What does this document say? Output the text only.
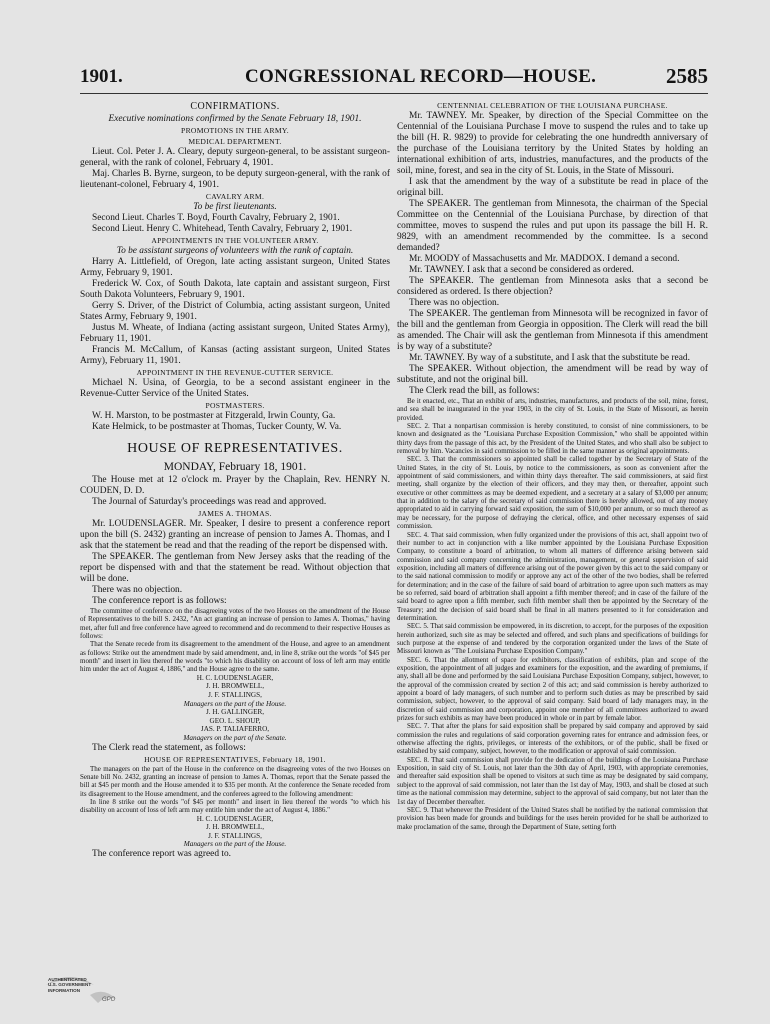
1901.	CONGRESSIONAL RECORD—HOUSE.	2585

CONFIRMATIONS.

Executive nominations confirmed by the Senate February 18, 1901.

PROMOTIONS IN THE ARMY.

MEDICAL DEPARTMENT.

Lieut. Col. Peter J. A. Cleary, deputy surgeon-general, to be assistant surgeon-general, with the rank of colonel, February 4, 1901.

Maj. Charles B. Byrne, surgeon, to be deputy surgeon-general, with the rank of lieutenant-colonel, February 4, 1901.

CAVALRY ARM.

To be first lieutenants.

Second Lieut. Charles T. Boyd, Fourth Cavalry, February 2, 1901.

Second Lieut. Henry C. Whitehead, Tenth Cavalry, February 2, 1901.

APPOINTMENTS IN THE VOLUNTEER ARMY.

To be assistant surgeons of volunteers with the rank of captain.

Harry A. Littlefield, of Oregon, late acting assistant surgeon, United States Army, February 9, 1901.

Frederick W. Cox, of South Dakota, late captain and assistant surgeon, First South Dakota Volunteers, February 9, 1901.

Gerry S. Driver, of the District of Columbia, acting assistant surgeon, United States Army, February 9, 1901.

Justus M. Wheate, of Indiana (acting assistant surgeon, United States Army), February 11, 1901.

Francis M. McCallum, of Kansas (acting assistant surgeon, United States Army), February 11, 1901.

APPOINTMENT IN THE REVENUE-CUTTER SERVICE.

Michael N. Usina, of Georgia, to be a second assistant engineer in the Revenue-Cutter Service of the United States.

POSTMASTERS.

W. H. Marston, to be postmaster at Fitzgerald, Irwin County, Ga.

Kate Helmick, to be postmaster at Thomas, Tucker County, W. Va.

HOUSE OF REPRESENTATIVES.

MONDAY, February 18, 1901.

The House met at 12 o'clock m. Prayer by the Chaplain, Rev. HENRY N. COUDEN, D. D.

The Journal of Saturday's proceedings was read and approved.

JAMES A. THOMAS.

Mr. LOUDENSLAGER. Mr. Speaker, I desire to present a conference report upon the bill (S. 2432) granting an increase of pension to James A. Thomas, and I ask that the statement be read and that the reading of the report be dispensed with.

The SPEAKER. The gentleman from New Jersey asks that the reading of the report be dispensed with and that the statement be read. Without objection that will be done.

There was no objection.

The conference report is as follows:

The committee of conference on the disagreeing votes of the two Houses on the amendment of the House of Representatives to the bill S. 2432, "An act granting an increase of pension to James A. Thomas," having met, after full and free conference have agreed to recommend and do recommend to their respective Houses as follows:

That the Senate recede from its disagreement to the amendment of the House, and agree to an amendment as follows: Strike out the amendment made by said amendment, and, in line 8, strike out the words "of $45 per month" and insert in lieu thereof the words "to which his disability on account of loss of left arm may entitle him under the act of August 4, 1886," and the House agree to the same.

H. C. LOUDENSLAGER,

J. H. BROMWELL,

J. F. STALLINGS,

Managers on the part of the House.

J. H. GALLINGER,

GEO. L. SHOUP,

JAS. P. TALIAFERRO,

Managers on the part of the Senate.

The Clerk read the statement, as follows:

HOUSE OF REPRESENTATIVES, February 18, 1901.

The managers on the part of the House in the conference on the disagreeing votes of the two Houses on Senate bill No. 2432, granting an increase of pension to James A. Thomas, report that the Senate passed the bill at $45 per month and the House amended it to $35 per month. At the conference the Senate receded from its disagreement to the House amendment, and the conferees agreed to the following amendment:

In line 8 strike out the words "of $45 per month" and insert in lieu thereof the words "to which his disability on account of loss of left arm may entitle him under the act of August 4, 1886."

H. C. LOUDENSLAGER,

J. H. BROMWELL,

J. F. STALLINGS,

Managers on the part of the House.

The conference report was agreed to.

CENTENNIAL CELEBRATION OF THE LOUISIANA PURCHASE.

Mr. TAWNEY. Mr. Speaker, by direction of the Special Committee on the Centennial of the Louisiana Purchase I move to suspend the rules and to take up the bill (H. R. 9829) to provide for celebrating the one hundredth anniversary of the purchase of the Louisiana territory by the United States by holding an international exhibition of arts, industries, manufactures, and the products of the soil, mine, forest, and sea in the city of St. Louis, in the State of Missouri.

I ask that the amendment by the way of a substitute be read in place of the original bill.

The SPEAKER. The gentleman from Minnesota, the chairman of the Special Committee on the Centennial of the Louisiana Purchase, by direction of that committee, moves to suspend the rules and put upon its passage the bill H. R. 9829, with an amendment recommended by the committee. Is a second demanded?

Mr. MOODY of Massachusetts and Mr. MADDOX. I demand a second.

Mr. TAWNEY. I ask that a second be considered as ordered.

The SPEAKER. The gentleman from Minnesota asks that a second be considered as ordered. Is there objection?

There was no objection.

The SPEAKER. The gentleman from Minnesota will be recognized in favor of the bill and the gentleman from Georgia in opposition. The Clerk will read the bill as amended. The Chair will ask the gentleman from Minnesota if this amendment is by way of a substitute?

Mr. TAWNEY. By way of a substitute, and I ask that the substitute be read.

The SPEAKER. Without objection, the amendment will be read by way of substitute, and not the original bill.

The Clerk read the bill, as follows:

Be it enacted, etc., That an exhibit of arts, industries, manufactures, and products of the soil, mine, forest, and sea shall be inaugurated in the year 1903, in the city of St. Louis, in the State of Missouri, as herein provided.

SEC. 2. That a nonpartisan commission is hereby constituted, to consist of nine commissioners, to be known and designated as the "Louisiana Purchase Exposition Commission," who shall be appointed within thirty days from the passage of this act, by the President of the United States, and who shall also be subject to removal by him. Vacancies in said commission to be filled in the same manner as original appointments.

SEC. 3. That the commissioners so appointed shall be called together by the Secretary of State of the United States, in the city of St. Louis, by notice to the commissioners, as soon as convenient after the appointment of said commissioners, and within thirty days thereafter. The said commissioners, at said first meeting, shall organize by the election of their officers, and they may then, or thereafter, appoint such executive or other committees as may be deemed expedient, and a secretary at a salary of $3,000 per annum; that in addition to the salary of the secretary of said commission there is hereby allowed, out of any money appropriated to aid in carrying forward said exposition, the sum of $10,000 per annum, or so much thereof as may be necessary, for the purpose of defraying the clerical, office, and other necessary expenses of said commission.

SEC. 4. That said commission, when fully organized under the provisions of this act, shall appoint two of their number to act in conjunction with a like number appointed by the Louisiana Purchase Exposition Company, to constitute a board of arbitration, to whom all matters of difference arising between said commission and said company concerning the administration, management, or general supervision of said exposition, including all matters of difference arising out of the power given by this act to the said company or to the said national commission to modify or approve any act of the other of the two bodies, shall be referred for determination; and in the case of the failure of said board of arbitration to agree upon such matters as may be so referred, said board of arbitration shall appoint a fifth member thereof; and in case of the failure of the said board to agree upon a fifth member, such fifth member shall then be appointed by the Secretary of the Treasury; and the decision of said board shall be final in all matters presented to it for consideration and determination.

SEC. 5. That said commission be empowered, in its discretion, to accept, for the purposes of the exposition herein authorized, such site as may be selected and offered, and such plans and specifications of buildings for such purpose at the expense of and tendered by the corporation organized under the laws of the State of Missouri known as "The Louisiana Purchase Exposition Company."

SEC. 6. That the allotment of space for exhibitors, classification of exhibits, plan and scope of the exposition, the appointment of all judges and examiners for the exposition, and the awarding of premiums, if any, shall all be done and performed by the said Louisiana Purchase Exposition Company, subject, however, to the approval of the commission created by section 2 of this act; and said commission is hereby authorized to appoint a board of lady managers, of such number and to perform such duties as may be prescribed by said commission, subject, however, to the approval of said company. Said board of lady managers may, in the discretion of said commission and corporation, appoint one member of all committees authorized to award prizes for such exhibits as may have been produced in whole or in part by female labor.

SEC. 7. That after the plans for said exposition shall be prepared by said company and approved by said commission the rules and regulations of said corporation governing rates for entrance and admission fees, or otherwise affecting the rights, privileges, or interests of the exhibitors, or of the public, shall be fixed or established by said company, subject, however, to the modification or approval of said commission.

SEC. 8. That said commission shall provide for the dedication of the buildings of the Louisiana Purchase Exposition, in said city of St. Louis, not later than the 30th day of April, 1903, with appropriate ceremonies, and thereafter said exposition shall be opened to visitors at such time as may be designated by said company, subject to the approval of said commission, not later than the 1st day of May, 1903, and shall be closed at such time as the national commission may determine, subject to the approval of said company, but not later than the 1st day of December thereafter.

SEC. 9. That whenever the President of the United States shall be notified by the national commission that provision has been made for grounds and buildings for the uses herein provided for he shall be authorized to make proclamation of the same, through the Department of State, setting forth

AUTHENTICATED
U.S. GOVERNMENT
INFORMATION
GPO
